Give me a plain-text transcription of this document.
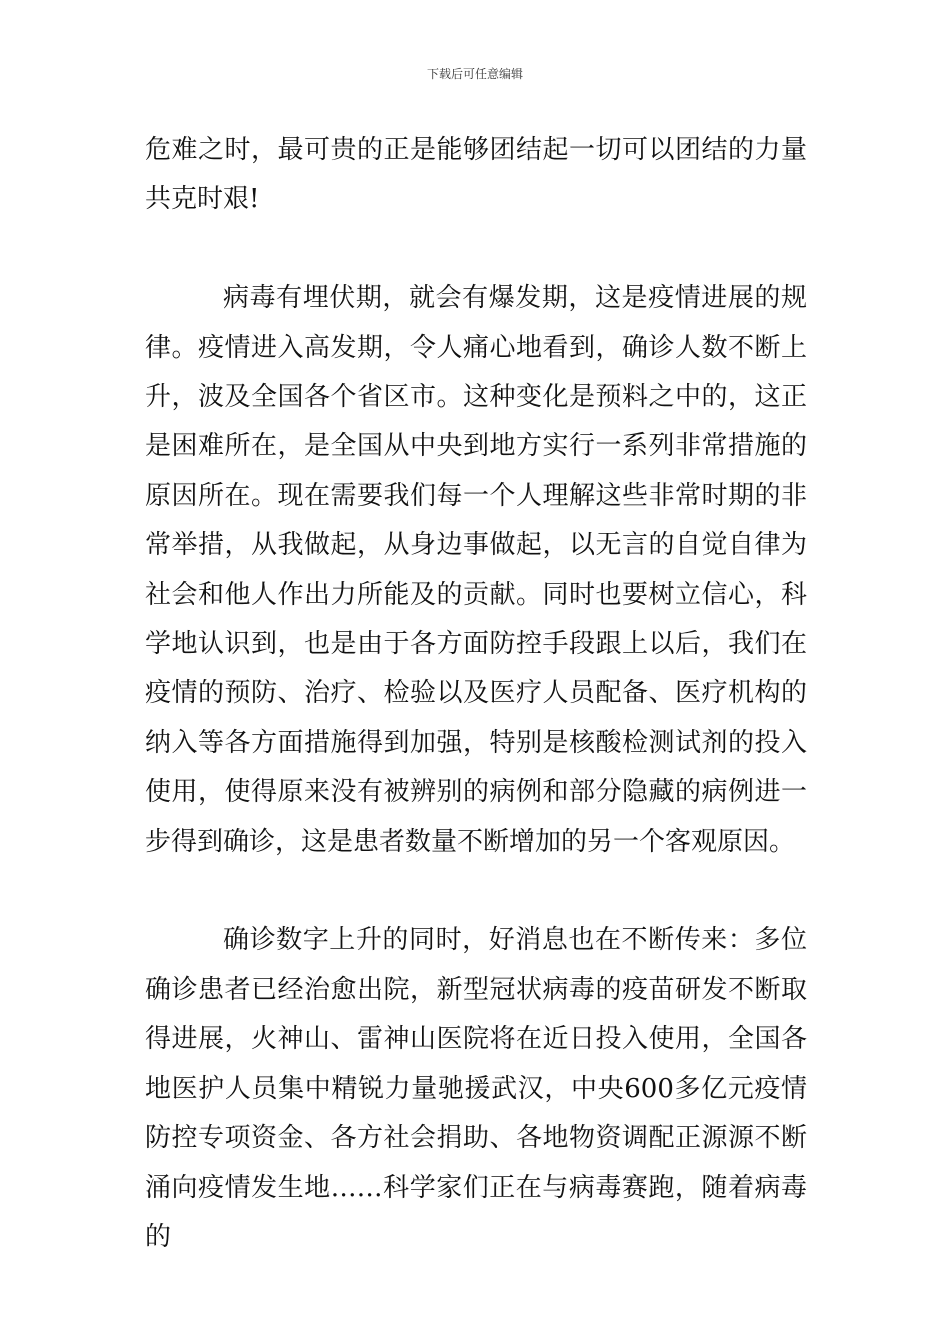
下载后可任意编辑

危难之时，最可贵的正是能够团结起一切可以团结的力量共克时艰!

病毒有埋伏期，就会有爆发期，这是疫情进展的规律。疫情进入高发期，令人痛心地看到，确诊人数不断上升，波及全国各个省区市。这种变化是预料之中的，这正是困难所在，是全国从中央到地方实行一系列非常措施的原因所在。现在需要我们每一个人理解这些非常时期的非常举措，从我做起，从身边事做起，以无言的自觉自律为社会和他人作出力所能及的贡献。同时也要树立信心，科学地认识到，也是由于各方面防控手段跟上以后，我们在疫情的预防、治疗、检验以及医疗人员配备、医疗机构的纳入等各方面措施得到加强，特别是核酸检测试剂的投入使用，使得原来没有被辨别的病例和部分隐藏的病例进一步得到确诊，这是患者数量不断增加的另一个客观原因。

确诊数字上升的同时，好消息也在不断传来：多位确诊患者已经治愈出院，新型冠状病毒的疫苗研发不断取得进展，火神山、雷神山医院将在近日投入使用，全国各地医护人员集中精锐力量驰援武汉，中央600多亿元疫情防控专项资金、各方社会捐助、各地物资调配正源源不断涌向疫情发生地……科学家们正在与病毒赛跑，随着病毒的
